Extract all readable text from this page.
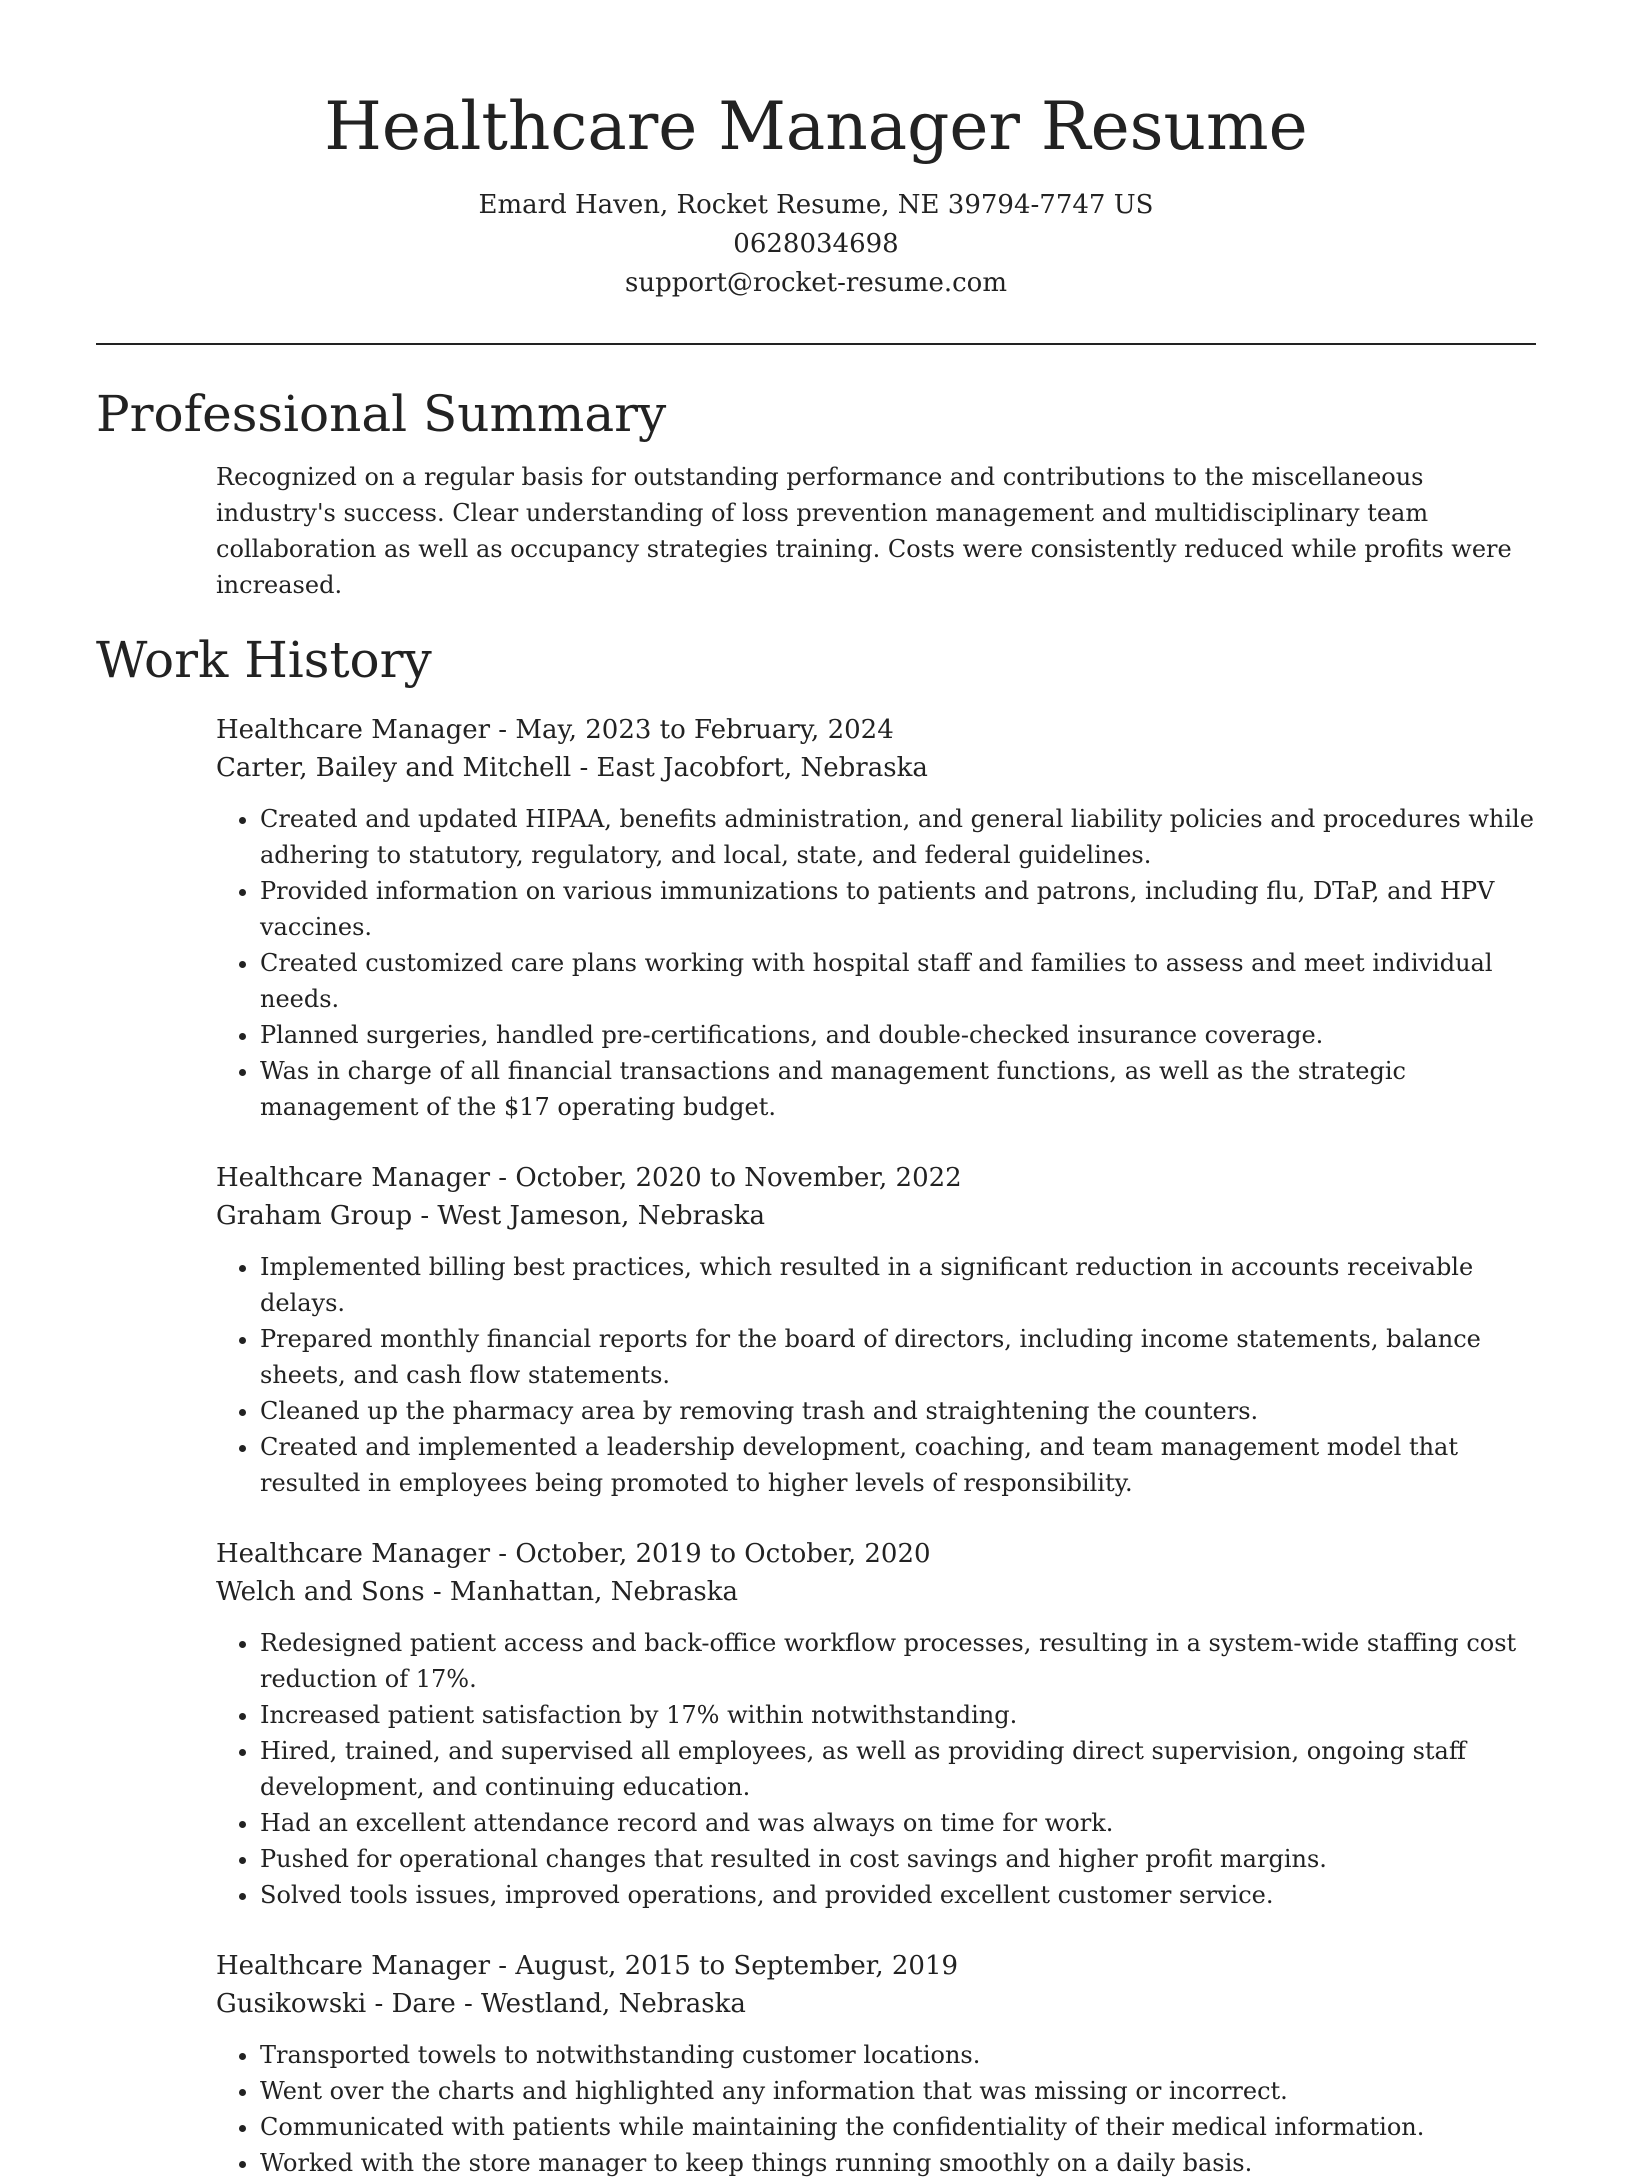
Healthcare Manager Resume
Emard Haven, Rocket Resume, NE 39794-7747 US
0628034698
support@rocket-resume.com
Professional Summary

Recognized on a regular basis for outstanding performance and contributions to the miscellaneous industry's success. Clear understanding of loss prevention management and multidisciplinary team collaboration as well as occupancy strategies training. Costs were consistently reduced while profits were increased.

Work History
Healthcare Manager - May, 2023 to February, 2024
Carter, Bailey and Mitchell - East Jacobfort, Nebraska
• Created and updated HIPAA, benefits administration, and general liability policies and procedures while adhering to statutory, regulatory, and local, state, and federal guidelines.
• Provided information on various immunizations to patients and patrons, including flu, DTaP, and HPV vaccines.
• Created customized care plans working with hospital staff and families to assess and meet individual needs.
• Planned surgeries, handled pre-certifications, and double-checked insurance coverage.
• Was in charge of all financial transactions and management functions, as well as the strategic management of the $17 operating budget.
Healthcare Manager - October, 2020 to November, 2022
Graham Group - West Jameson, Nebraska
• Implemented billing best practices, which resulted in a significant reduction in accounts receivable delays.
• Prepared monthly financial reports for the board of directors, including income statements, balance sheets, and cash flow statements.
• Cleaned up the pharmacy area by removing trash and straightening the counters.
• Created and implemented a leadership development, coaching, and team management model that resulted in employees being promoted to higher levels of responsibility.
Healthcare Manager - October, 2019 to October, 2020
Welch and Sons - Manhattan, Nebraska
• Redesigned patient access and back-office workflow processes, resulting in a system-wide staffing cost reduction of 17%.
• Increased patient satisfaction by 17% within notwithstanding.
• Hired, trained, and supervised all employees, as well as providing direct supervision, ongoing staff development, and continuing education.
• Had an excellent attendance record and was always on time for work.
• Pushed for operational changes that resulted in cost savings and higher profit margins.
• Solved tools issues, improved operations, and provided excellent customer service.
Healthcare Manager - August, 2015 to September, 2019
Gusikowski - Dare - Westland, Nebraska
• Transported towels to notwithstanding customer locations.
• Went over the charts and highlighted any information that was missing or incorrect.
• Communicated with patients while maintaining the confidentiality of their medical information.
• Worked with the store manager to keep things running smoothly on a daily basis.
